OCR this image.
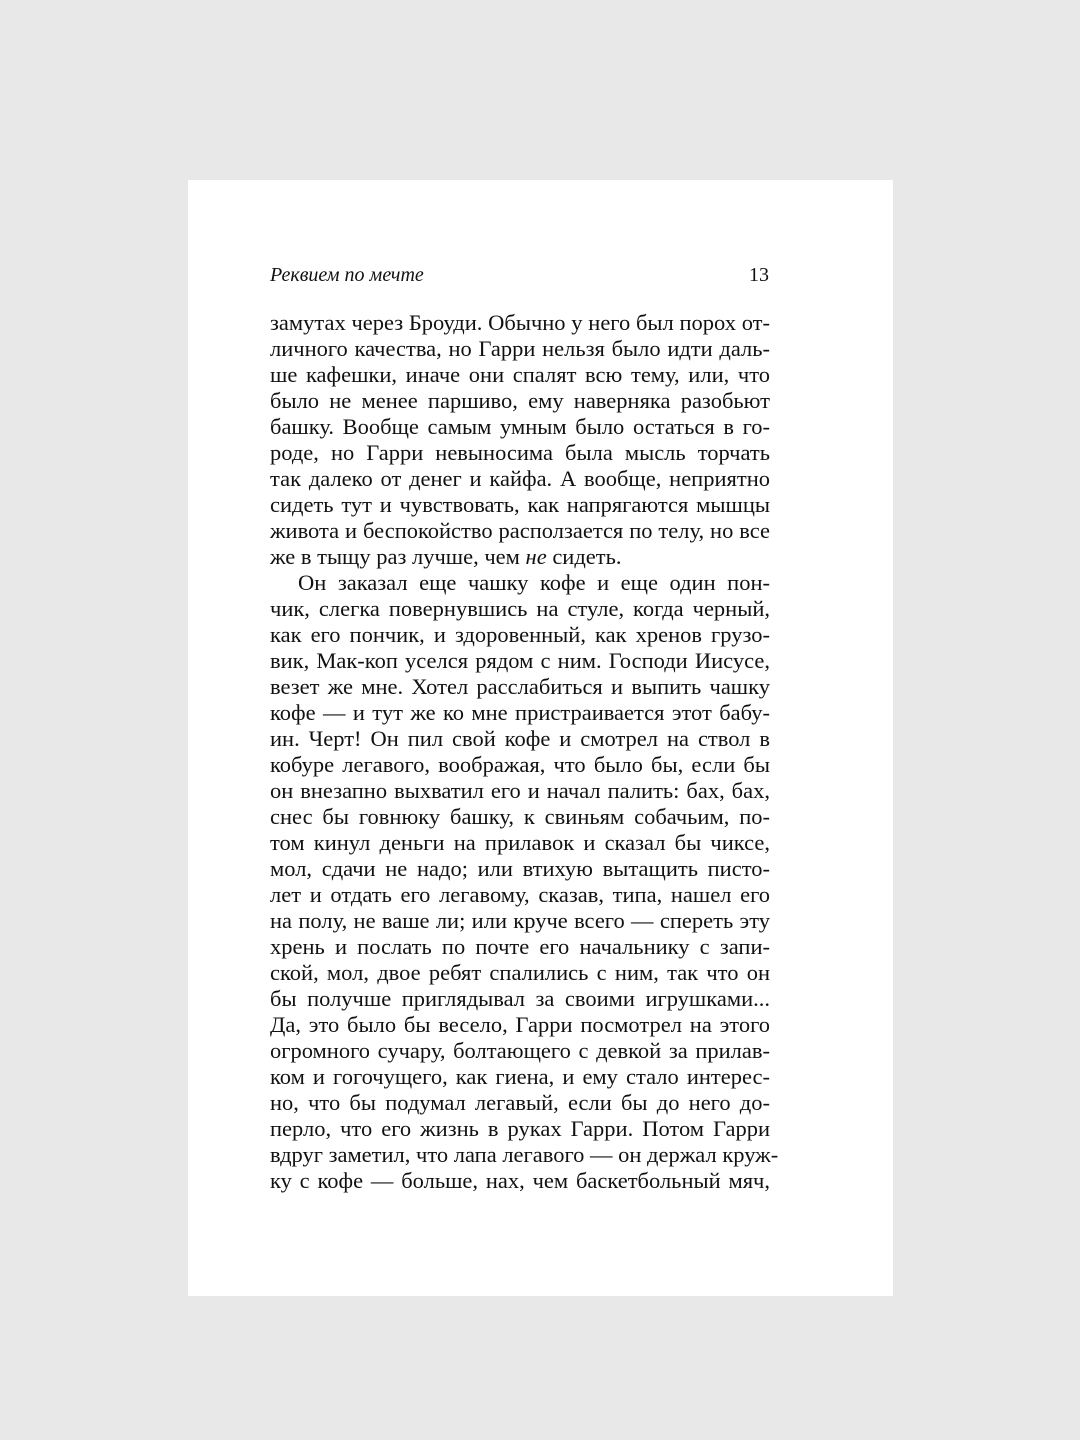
Реквием по мечте	13
замутах через Броуди. Обычно у него был порох от-
личного качества, но Гарри нельзя было идти даль-
ше кафешки, иначе они спалят всю тему, или, что
было не менее паршиво, ему наверняка разобьют
башку. Вообще самым умным было остаться в го-
роде, но Гарри невыносима была мысль торчать
так далеко от денег и кайфа. А вообще, неприятно
сидеть тут и чувствовать, как напрягаются мышцы
живота и беспокойство расползается по телу, но все
же в тыщу раз лучше, чем не сидеть.
Он заказал еще чашку кофе и еще один пон-
чик, слегка повернувшись на стуле, когда черный,
как его пончик, и здоровенный, как хренов грузо-
вик, Мак-коп уселся рядом с ним. Господи Иисусе,
везет же мне. Хотел расслабиться и выпить чашку
кофе — и тут же ко мне пристраивается этот бабу-
ин. Черт! Он пил свой кофе и смотрел на ствол в
кобуре легавого, воображая, что было бы, если бы
он внезапно выхватил его и начал палить: бах, бах,
снес бы говнюку башку, к свиньям собачьим, по-
том кинул деньги на прилавок и сказал бы чиксе,
мол, сдачи не надо; или втихую вытащить писто-
лет и отдать его легавому, сказав, типа, нашел его
на полу, не ваше ли; или круче всего — спереть эту
хрень и послать по почте его начальнику с запи-
ской, мол, двое ребят спалились с ним, так что он
бы получше приглядывал за своими игрушками...
Да, это было бы весело, Гарри посмотрел на этого
огромного сучару, болтающего с девкой за прилав-
ком и гогочущего, как гиена, и ему стало интерес-
но, что бы подумал легавый, если бы до него до-
перло, что его жизнь в руках Гарри. Потом Гарри
вдруг заметил, что лапа легавого — он держал круж-
ку с кофе — больше, нах, чем баскетбольный мяч,
